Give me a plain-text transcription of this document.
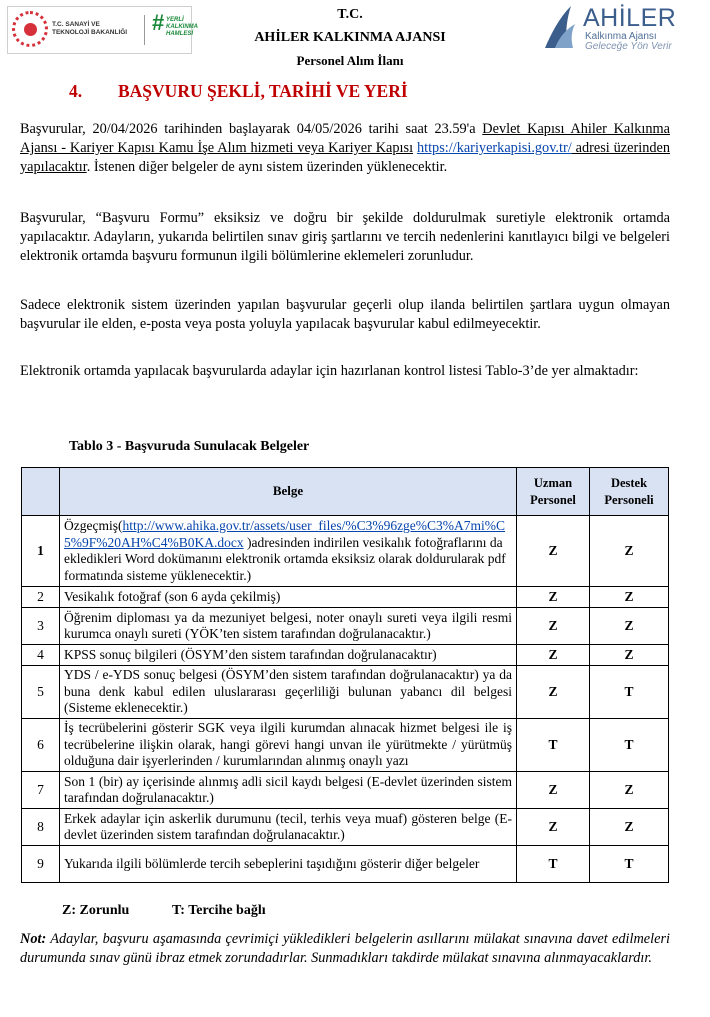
T.C. SANAYİ VE
TEKNOLOJİ BAKANLIĞI # YERLİ
KALKINMA
HAMLESİ
T.C.
AHİLER KALKINMA AJANSI
Personel Alım İlanı
AHİLER
Kalkınma Ajansı
Geleceğe Yön Verir
4. BAŞVURU ŞEKLİ, TARİHİ VE YERİ
Başvurular, 20/04/2026 tarihinden başlayarak 04/05/2026 tarihi saat 23.59'a Devlet Kapısı Ahiler Kalkınma Ajansı - Kariyer Kapısı Kamu İşe Alım hizmeti veya Kariyer Kapısı https://kariyerkapisi.gov.tr/ adresi üzerinden yapılacaktır. İstenen diğer belgeler de aynı sistem üzerinden yüklenecektir.
Başvurular, “Başvuru Formu” eksiksiz ve doğru bir şekilde doldurulmak suretiyle elektronik ortamda yapılacaktır. Adayların, yukarıda belirtilen sınav giriş şartlarını ve tercih nedenlerini kanıtlayıcı bilgi ve belgeleri elektronik ortamda başvuru formunun ilgili bölümlerine eklemeleri zorunludur.
Sadece elektronik sistem üzerinden yapılan başvurular geçerli olup ilanda belirtilen şartlara uygun olmayan başvurular ile elden, e-posta veya posta yoluyla yapılacak başvurular kabul edilmeyecektir.
Elektronik ortamda yapılacak başvurularda adaylar için hazırlanan kontrol listesi Tablo-3’de yer almaktadır:
Tablo 3 - Başvuruda Sunulacak Belgeler
	Belge	Uzman Personel	Destek Personeli
1	Özgeçmiş(http://www.ahika.gov.tr/assets/user_files/%C3%96zge%C3%A7mi%C5%9F%20AH%C4%B0KA.docx )adresinden indirilen vesikalık fotoğraflarını da ekledikleri Word dokümanını elektronik ortamda eksiksiz olarak doldurularak pdf formatında sisteme yüklenecektir.)	Z	Z
2	Vesikalık fotoğraf (son 6 ayda çekilmiş)	Z	Z
3	Öğrenim diploması ya da mezuniyet belgesi, noter onaylı sureti veya ilgili resmi kurumca onaylı sureti (YÖK’ten sistem tarafından doğrulanacaktır.)	Z	Z
4	KPSS sonuç bilgileri (ÖSYM’den sistem tarafından doğrulanacaktır)	Z	Z
5	YDS / e-YDS sonuç belgesi (ÖSYM’den sistem tarafından doğrulanacaktır) ya da buna denk kabul edilen uluslararası geçerliliği bulunan yabancı dil belgesi (Sisteme eklenecektir.)	Z	T
6	İş tecrübelerini gösterir SGK veya ilgili kurumdan alınacak hizmet belgesi ile iş tecrübelerine ilişkin olarak, hangi görevi hangi unvan ile yürütmekte / yürütmüş olduğuna dair işyerlerinden / kurumlarından alınmış onaylı yazı	T	T
7	Son 1 (bir) ay içerisinde alınmış adli sicil kaydı belgesi (E-devlet üzerinden sistem tarafından doğrulanacaktır.)	Z	Z
8	Erkek adaylar için askerlik durumunu (tecil, terhis veya muaf) gösteren belge (E-devlet üzerinden sistem tarafından doğrulanacaktır.)	Z	Z
9	Yukarıda ilgili bölümlerde tercih sebeplerini taşıdığını gösterir diğer belgeler	T	T
Z: Zorunlu	T: Tercihe bağlı
Not: Adaylar, başvuru aşamasında çevrimiçi yükledikleri belgelerin asıllarını mülakat sınavına davet edilmeleri durumunda sınav günü ibraz etmek zorundadırlar. Sunmadıkları takdirde mülakat sınavına alınmayacaklardır.
